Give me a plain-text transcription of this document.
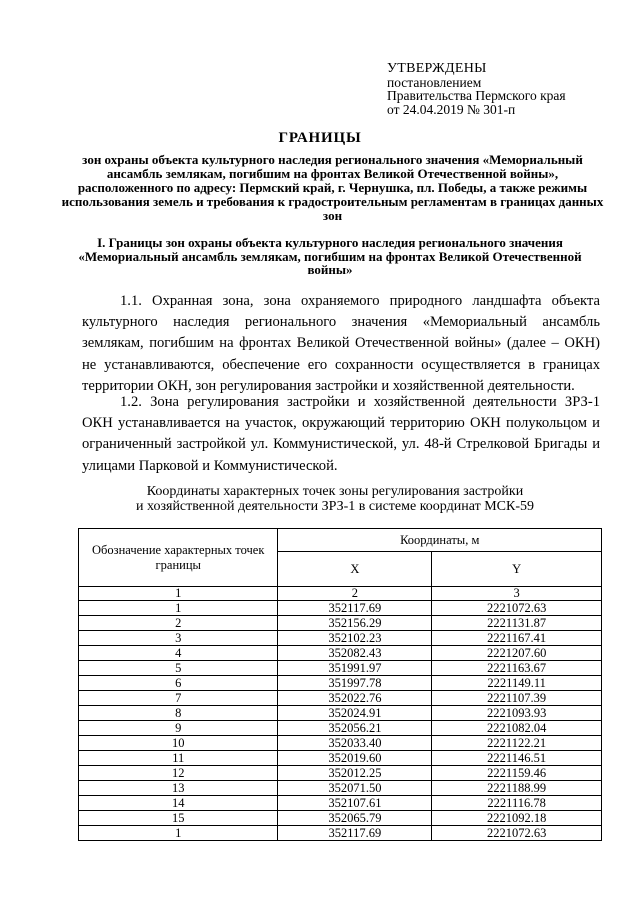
УТВЕРЖДЕНЫ
постановлением
Правительства Пермского края
от 24.04.2019 № 301-п
ГРАНИЦЫ
зон охраны объекта культурного наследия регионального значения «Мемориальный ансамбль землякам, погибшим на фронтах Великой Отечественной войны», расположенного по адресу: Пермский край, г. Чернушка, пл. Победы, а также режимы использования земель и требования к градостроительным регламентам в границах данных зон
I. Границы зон охраны объекта культурного наследия регионального значения «Мемориальный ансамбль землякам, погибшим на фронтах Великой Отечественной войны»

1.1. Охранная зона, зона охраняемого природного ландшафта объекта культурного наследия регионального значения «Мемориальный ансамбль землякам, погибшим на фронтах Великой Отечественной войны» (далее – ОКН) не устанавливаются, обеспечение его сохранности осуществляется в границах территории ОКН, зон регулирования застройки и хозяйственной деятельности.

1.2. Зона регулирования застройки и хозяйственной деятельности ЗРЗ-1 ОКН устанавливается на участок, окружающий территорию ОКН полукольцом и ограниченный застройкой ул. Коммунистической, ул. 48-й Стрелковой Бригады и улицами Парковой и Коммунистической.

Координаты характерных точек зоны регулирования застройки
и хозяйственной деятельности ЗРЗ-1 в системе координат МСК-59
Обозначение характерных точек границы	Координаты, м	
	X	Y
1	2	3
1	352117.69	2221072.63
2	352156.29	2221131.87
3	352102.23	2221167.41
4	352082.43	2221207.60
5	351991.97	2221163.67
6	351997.78	2221149.11
7	352022.76	2221107.39
8	352024.91	2221093.93
9	352056.21	2221082.04
10	352033.40	2221122.21
11	352019.60	2221146.51
12	352012.25	2221159.46
13	352071.50	2221188.99
14	352107.61	2221116.78
15	352065.79	2221092.18
1	352117.69	2221072.63
